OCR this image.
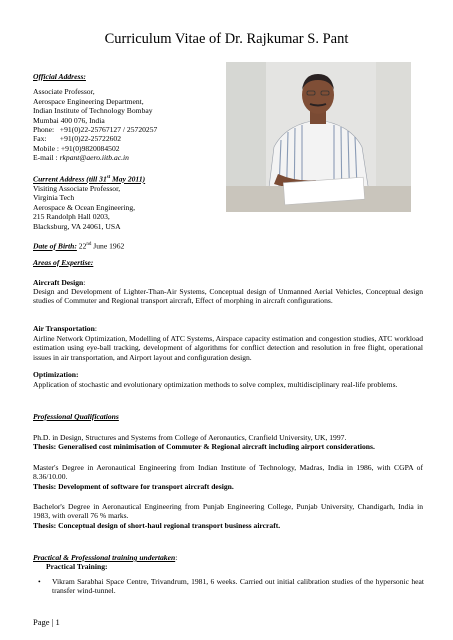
Curriculum Vitae of Dr. Rajkumar S. Pant
Official Address:
Associate Professor,
Aerospace Engineering Department,
Indian Institute of Technology Bombay
Mumbai 400 076, India
Phone:   +91(0)22-25767127 / 25720257
Fax:       +91(0)22-25722602
Mobile : +91(0)9820084502
E-mail : rkpant@aero.iitb.ac.in
Current Address (till 31st May 2011)
Visiting Associate Professor,
Virginia Tech
Aerospace & Ocean Engineering,
215 Randolph Hall 0203,
Blacksburg, VA 24061, USA
Date of Birth: 22nd June 1962
Areas of Expertise:
Aircraft Design:
Design and Development of Lighter-Than-Air Systems, Conceptual design of Unmanned Aerial Vehicles, Conceptual design studies of Commuter and Regional transport aircraft, Effect of morphing in aircraft configurations.
Air Transportation:
Airline Network Optimization, Modelling of ATC Systems, Airspace capacity estimation and congestion studies, ATC workload estimation using eye-ball tracking, development of algorithms for conflict detection and resolution in free flight, operational issues in air transportation, and Airport layout and configuration design.
Optimization:
Application of stochastic and evolutionary optimization methods to solve complex, multidisciplinary real-life problems.
Professional Qualifications
Ph.D. in Design, Structures and Systems from College of Aeronautics, Cranfield University, UK, 1997.
Thesis: Generalised cost minimisation of Commuter & Regional aircraft including airport considerations.
Master's Degree in Aeronautical Engineering from Indian Institute of Technology, Madras, India in 1986, with CGPA of 8.36/10.00.
Thesis: Development of software for transport aircraft design.
Bachelor's Degree in Aeronautical Engineering from Punjab Engineering College, Punjab University, Chandigarh, India in 1983, with overall 76 % marks.
Thesis: Conceptual design of short-haul regional transport business aircraft.
Practical & Professional training undertaken:
Practical Training:
• Vikram Sarabhai Space Centre, Trivandrum, 1981, 6 weeks. Carried out initial calibration studies of the hypersonic heat transfer wind-tunnel.
Page | 1
